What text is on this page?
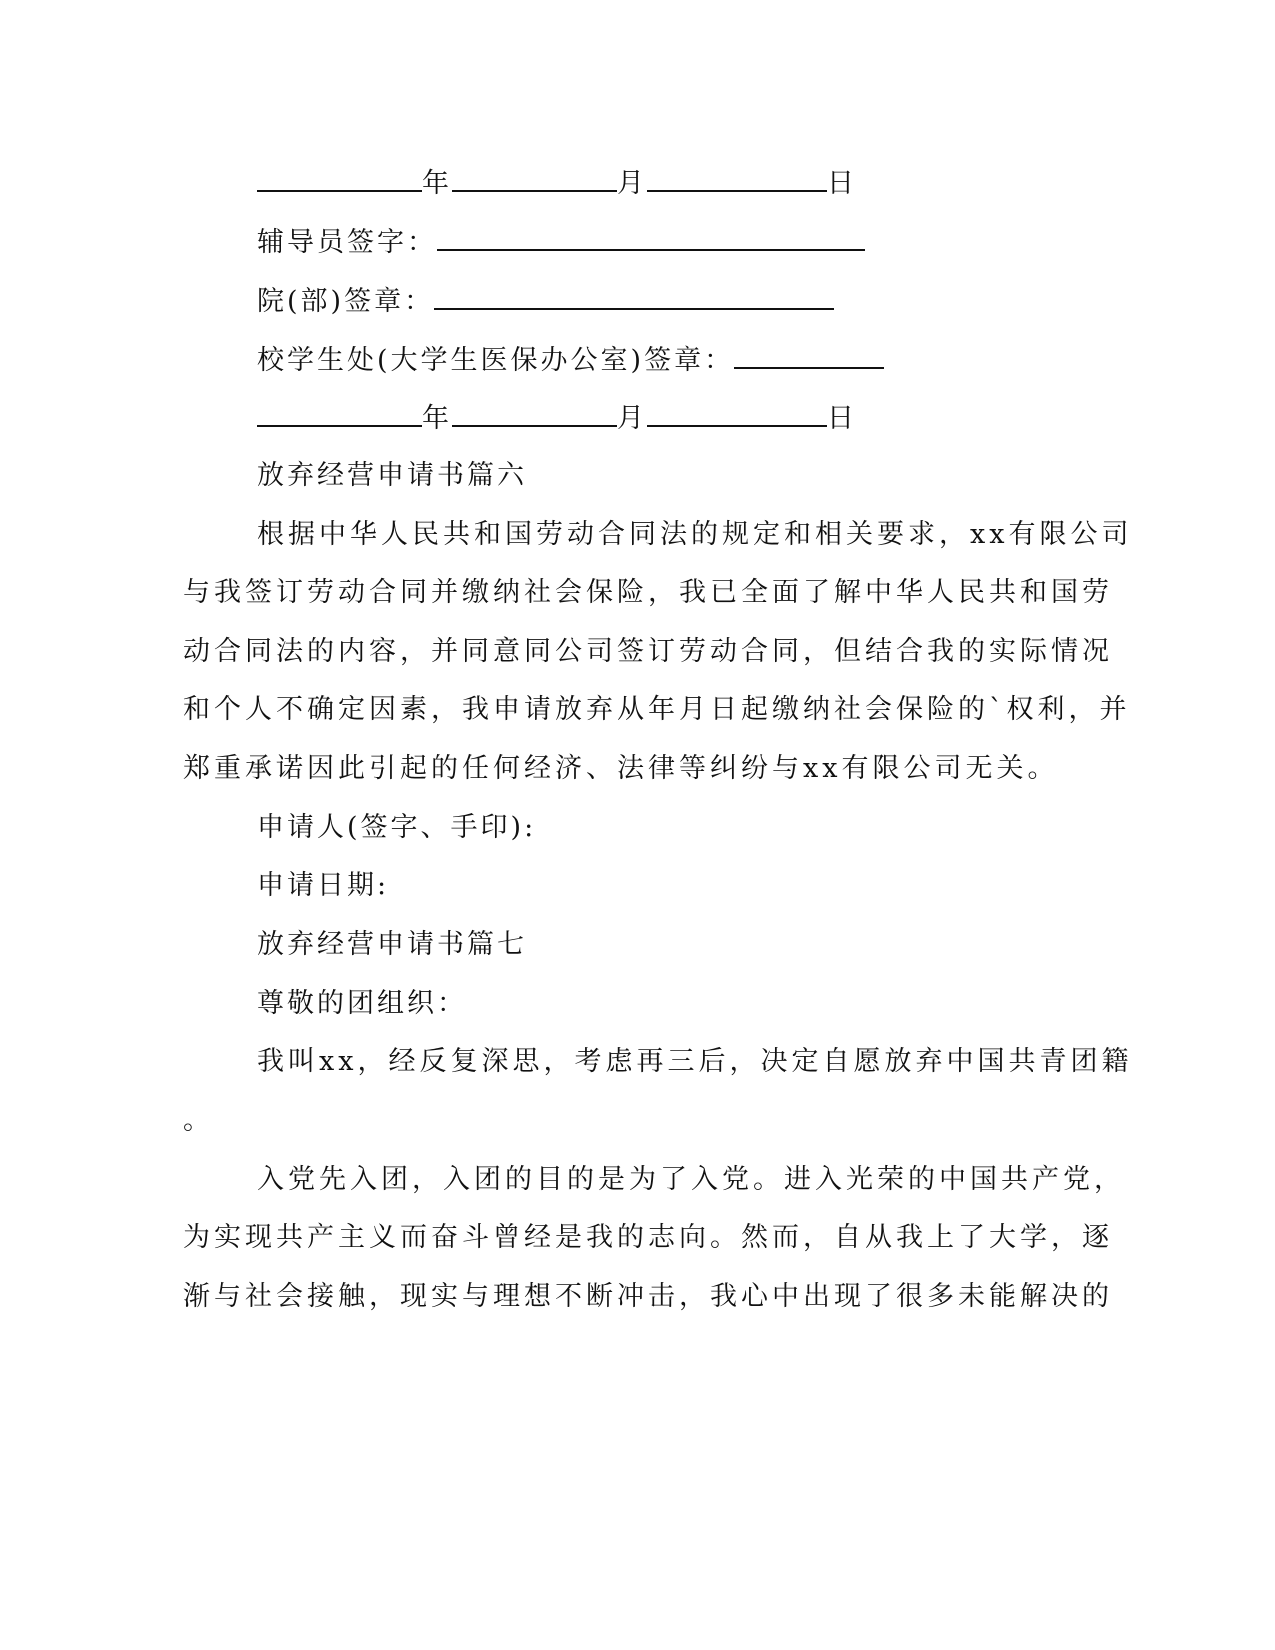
年	月	日
辅导员签字：
院(部)签章：
校学生处(大学生医保办公室)签章：
年	月	日
放弃经营申请书篇六
根据中华人民共和国劳动合同法的规定和相关要求，xx有限公司
与我签订劳动合同并缴纳社会保险，我已全面了解中华人民共和国劳
动合同法的内容，并同意同公司签订劳动合同，但结合我的实际情况
和个人不确定因素，我申请放弃从年月日起缴纳社会保险的`权利，并
郑重承诺因此引起的任何经济、法律等纠纷与xx有限公司无关。
申请人(签字、手印):
申请日期:
放弃经营申请书篇七
尊敬的团组织：
我叫xx，经反复深思，考虑再三后，决定自愿放弃中国共青团籍
。
入党先入团，入团的目的是为了入党。进入光荣的中国共产党，
为实现共产主义而奋斗曾经是我的志向。然而，自从我上了大学，逐
渐与社会接触，现实与理想不断冲击，我心中出现了很多未能解决的
